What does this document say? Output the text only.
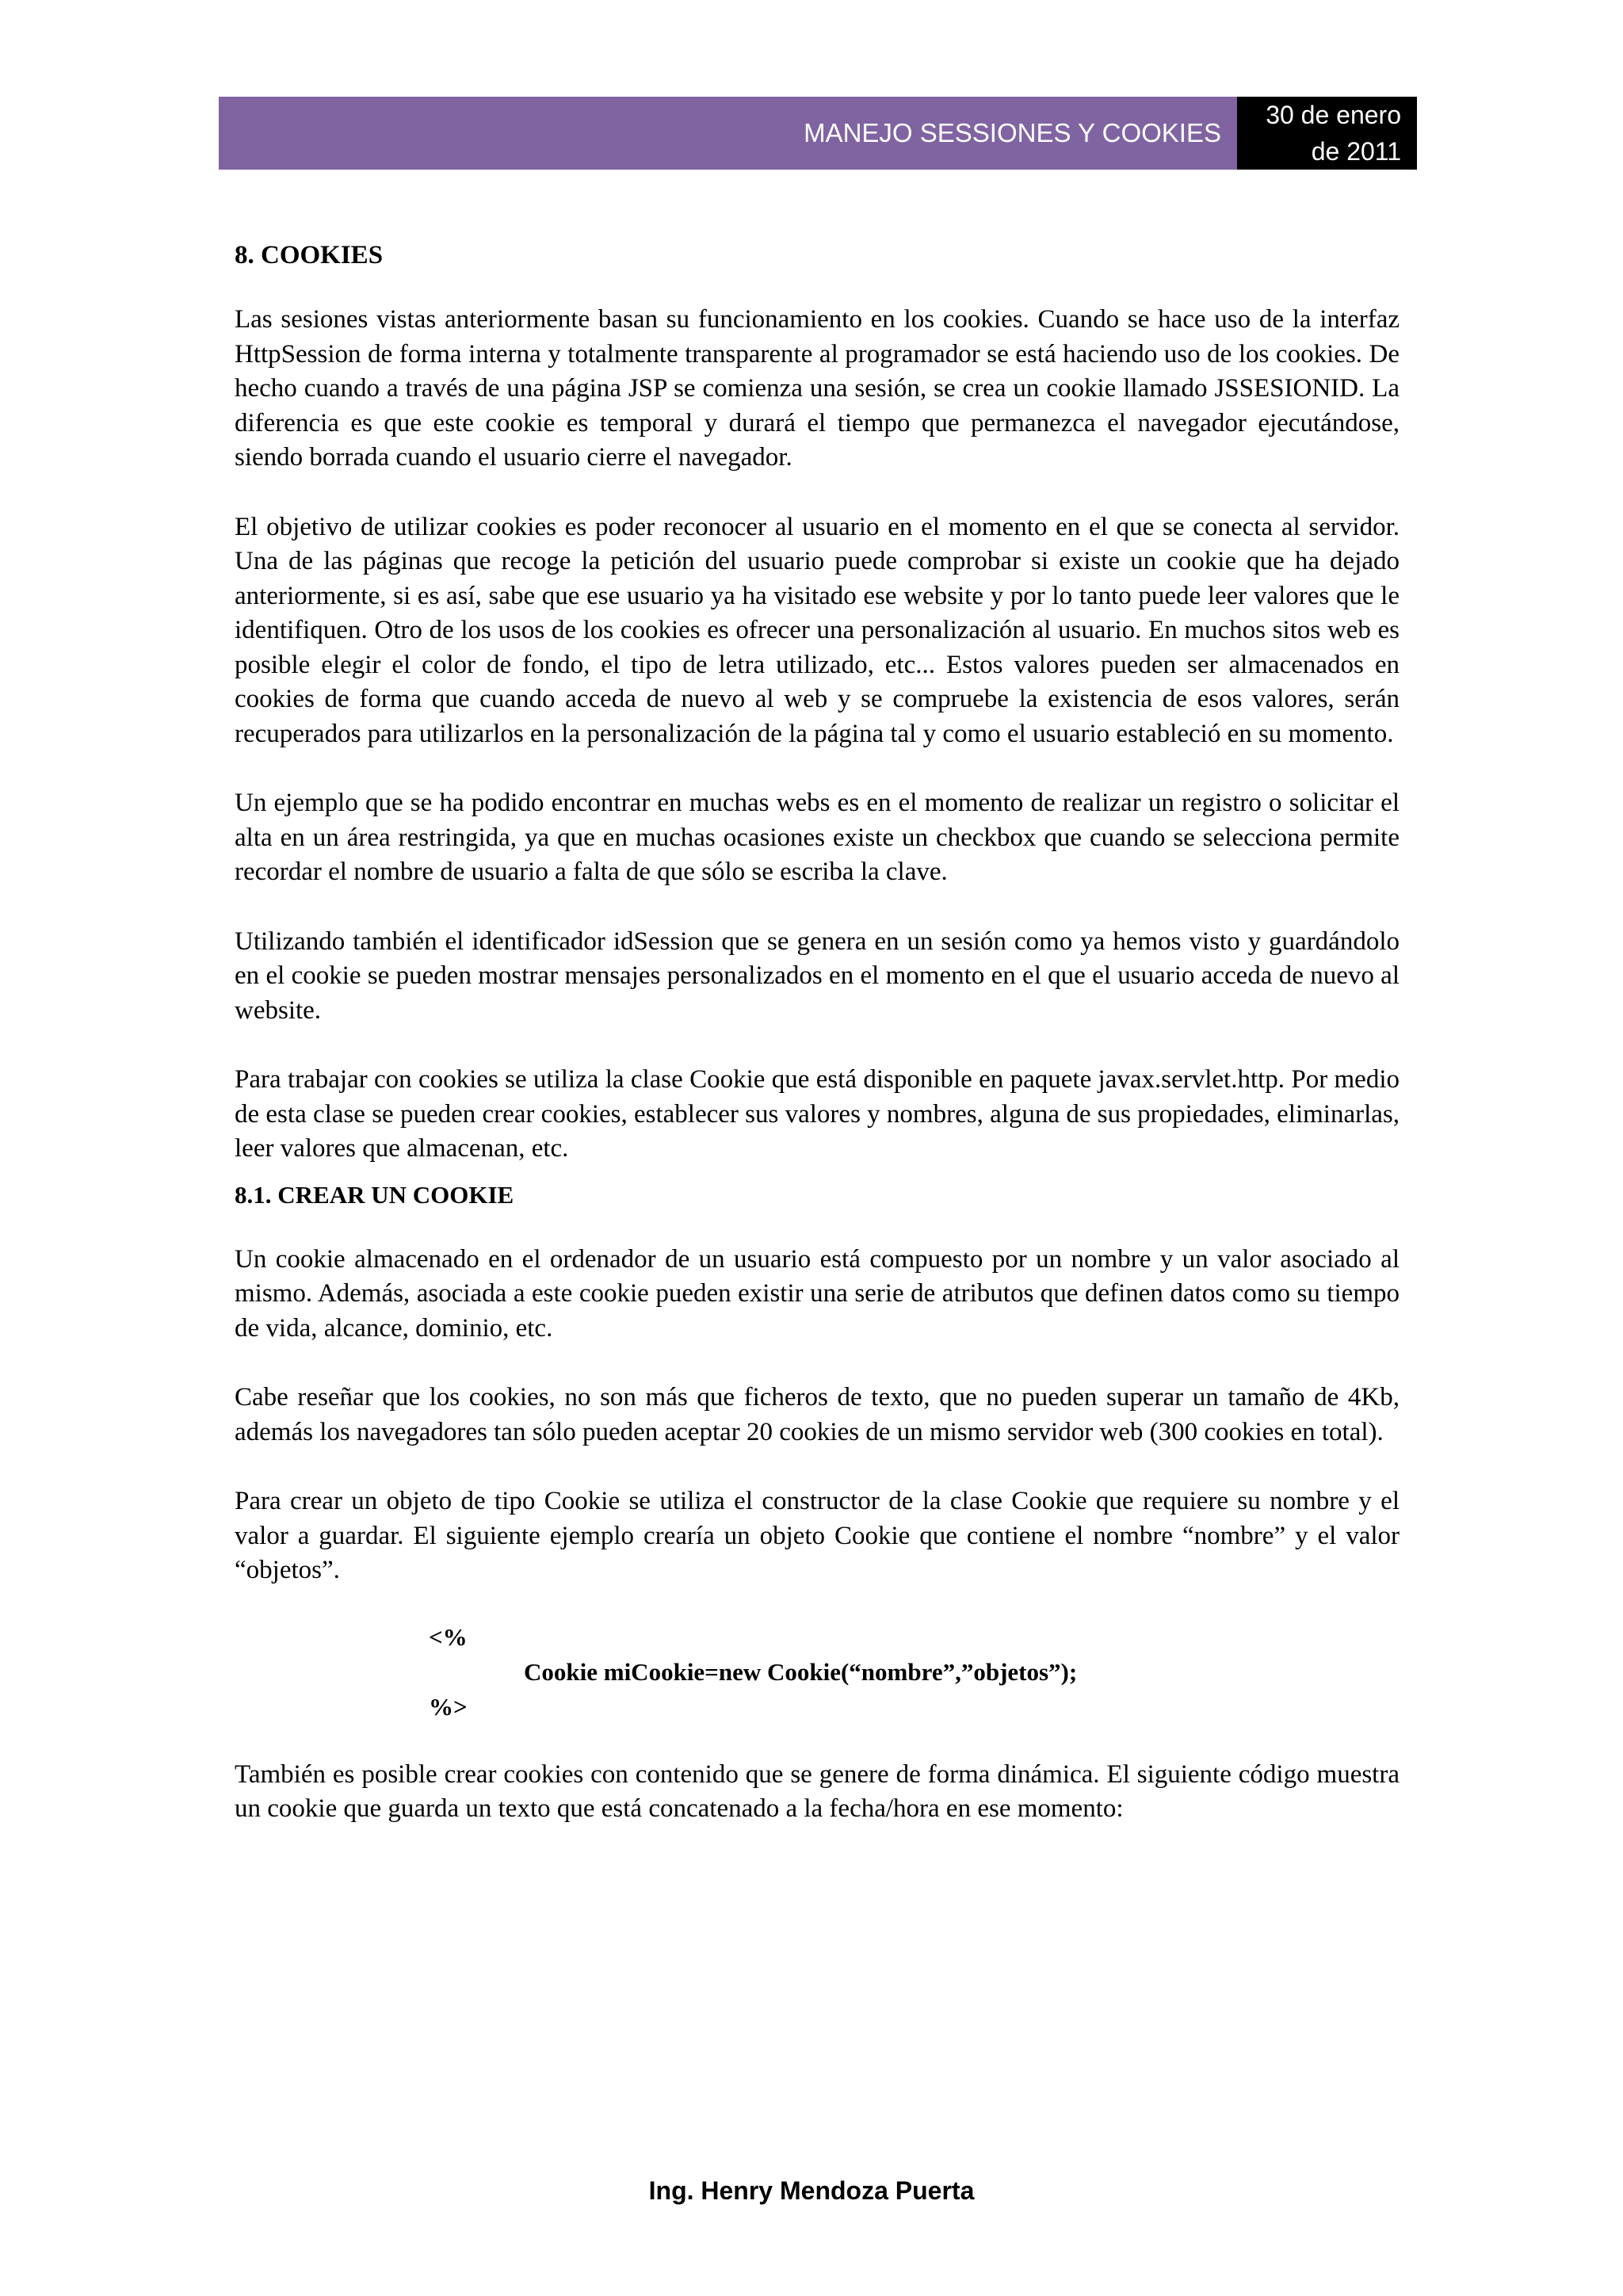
MANEJO SESSIONES Y COOKIES
30 de enero
de 2011
8. COOKIES

Las sesiones vistas anteriormente basan su funcionamiento en los cookies. Cuando se hace uso de la interfaz HttpSession de forma interna y totalmente transparente al programador se está haciendo uso de los cookies. De hecho cuando a través de una página JSP se comienza una sesión, se crea un cookie llamado JSSESIONID. La diferencia es que este cookie es temporal y durará el tiempo que permanezca el navegador ejecutándose, siendo borrada cuando el usuario cierre el navegador.

El objetivo de utilizar cookies es poder reconocer al usuario en el momento en el que se conecta al servidor. Una de las páginas que recoge la petición del usuario puede comprobar si existe un cookie que ha dejado anteriormente, si es así, sabe que ese usuario ya ha visitado ese website y por lo tanto puede leer valores que le identifiquen. Otro de los usos de los cookies es ofrecer una personalización al usuario. En muchos sitos web es posible elegir el color de fondo, el tipo de letra utilizado, etc... Estos valores pueden ser almacenados en cookies de forma que cuando acceda de nuevo al web y se compruebe la existencia de esos valores, serán recuperados para utilizarlos en la personalización de la página tal y como el usuario estableció en su momento.

Un ejemplo que se ha podido encontrar en muchas webs es en el momento de realizar un registro o solicitar el alta en un área restringida, ya que en muchas ocasiones existe un checkbox que cuando se selecciona permite recordar el nombre de usuario a falta de que sólo se escriba la clave.

Utilizando también el identificador idSession que se genera en un sesión como ya hemos visto y guardándolo en el cookie se pueden mostrar mensajes personalizados en el momento en el que el usuario acceda de nuevo al website.

Para trabajar con cookies se utiliza la clase Cookie que está disponible en paquete javax.servlet.http. Por medio de esta clase se pueden crear cookies, establecer sus valores y nombres, alguna de sus propiedades, eliminarlas, leer valores que almacenan, etc.

8.1. CREAR UN COOKIE

Un cookie almacenado en el ordenador de un usuario está compuesto por un nombre y un valor asociado al mismo. Además, asociada a este cookie pueden existir una serie de atributos que definen datos como su tiempo de vida, alcance, dominio, etc.

Cabe reseñar que los cookies, no son más que ficheros de texto, que no pueden superar un tamaño de 4Kb, además los navegadores tan sólo pueden aceptar 20 cookies de un mismo servidor web (300 cookies en total).

Para crear un objeto de tipo Cookie se utiliza el constructor de la clase Cookie que requiere su nombre y el valor a guardar. El siguiente ejemplo crearía un objeto Cookie que contiene el nombre “nombre” y el valor “objetos”.

<%
Cookie miCookie=new Cookie(“nombre”,”objetos”);
%>

También es posible crear cookies con contenido que se genere de forma dinámica. El siguiente código muestra un cookie que guarda un texto que está concatenado a la fecha/hora en ese momento:

Ing. Henry Mendoza Puerta
